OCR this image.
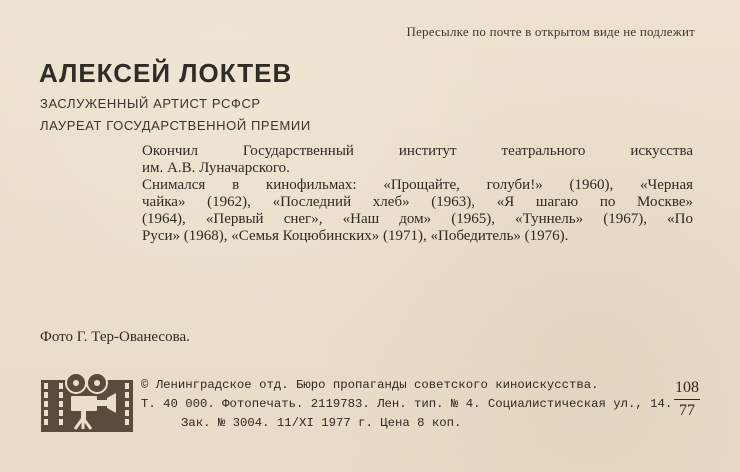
Пересылке по почте в открытом виде не подлежит
АЛЕКСЕЙ ЛОКТЕВ
ЗАСЛУЖЕННЫЙ АРТИСТ РСФСР
ЛАУРЕАТ ГОСУДАРСТВЕННОЙ ПРЕМИИ
Окончил Государственный институт театрального искусства
им. А.В. Луначарского.
Снимался в кинофильмах: «Прощайте, голуби!» (1960), «Черная
чайка» (1962), «Последний хлеб» (1963), «Я шагаю по Москве»
(1964), «Первый снег», «Наш дом» (1965), «Туннель» (1967), «По
Руси» (1968), «Семья Коцюбинских» (1971), «Победитель» (1976).
Фото Г. Тер-Ованесова.
© Ленинградское отд. Бюро пропаганды советского киноискусства.
Т. 40 000. Фотопечать. 2119783. Лен. тип. № 4. Социалистическая ул., 14.
Зак. № 3004. 11/XI 1977 г. Цена 8 коп.
108
77
